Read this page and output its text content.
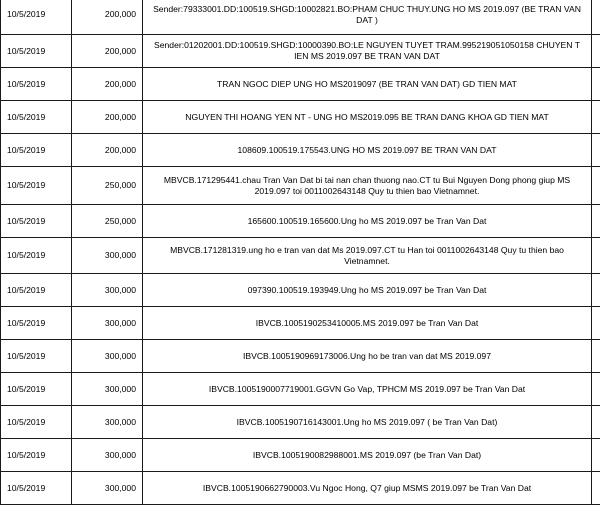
10/5/2019	200,000	Sender:79333001.DD:100519.SHGD:10002821.BO:PHAM CHUC THUY.UNG HO MS 2019.097 (BE TRAN VAN DAT )	
10/5/2019	200,000	Sender:01202001.DD:100519.SHGD:10000390.BO:LE NGUYEN TUYET TRAM.995219051050158 CHUYEN T IEN MS 2019.097 BE TRAN VAN DAT	
10/5/2019	200,000	TRAN NGOC DIEP UNG HO MS2019097 (BE TRAN VAN DAT) GD TIEN MAT	
10/5/2019	200,000	NGUYEN THI HOANG YEN NT - UNG HO MS2019.095 BE TRAN DANG KHOA GD TIEN MAT	
10/5/2019	200,000	108609.100519.175543.UNG HO MS 2019.097 BE TRAN VAN DAT	
10/5/2019	250,000	MBVCB.171295441.chau Tran Van Dat bi tai nan chan thuong nao.CT tu Bui Nguyen Dong phong giup MS 2019.097 toi 0011002643148 Quy tu thien bao Vietnamnet.	
10/5/2019	250,000	165600.100519.165600.Ung ho MS 2019.097 be Tran Van Dat	
10/5/2019	300,000	MBVCB.171281319.ung ho e tran van dat Ms 2019.097.CT tu Han toi 0011002643148 Quy tu thien bao Vietnamnet.	
10/5/2019	300,000	097390.100519.193949.Ung ho MS 2019.097 be Tran Van Dat	
10/5/2019	300,000	IBVCB.1005190253410005.MS 2019.097 be Tran Van Dat	
10/5/2019	300,000	IBVCB.1005190969173006.Ung ho be tran van dat MS 2019.097	
10/5/2019	300,000	IBVCB.1005190007719001.GGVN Go Vap, TPHCM MS 2019.097 be Tran Van Dat	
10/5/2019	300,000	IBVCB.1005190716143001.Ung ho MS 2019.097 ( be Tran Van Dat)	
10/5/2019	300,000	IBVCB.1005190082988001.MS 2019.097 (be Tran Van Dat)	
10/5/2019	300,000	IBVCB.1005190662790003.Vu Ngoc Hong, Q7 giup MSMS 2019.097 be Tran Van Dat	
